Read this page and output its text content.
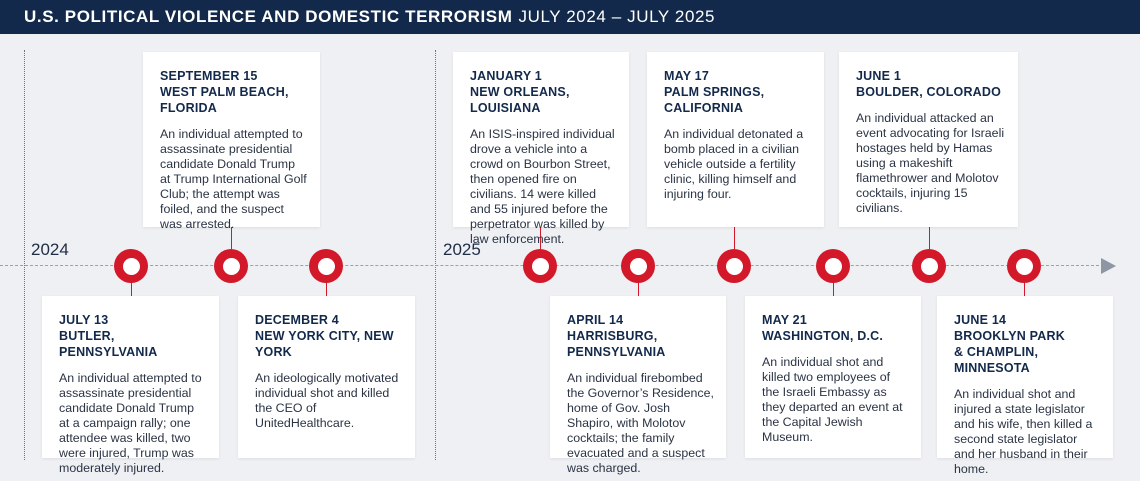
U.S. POLITICAL VIOLENCE AND DOMESTIC TERRORISM JULY 2024 – JULY 2025
2024	2025
SEPTEMBER 15
WEST PALM BEACH, FLORIDA
An individual attempted to assassinate presidential candidate Donald Trump at Trump International Golf Club; the attempt was foiled, and the suspect was arrested.
JANUARY 1
NEW ORLEANS, LOUISIANA
An ISIS-inspired individual drove a vehicle into a crowd on Bourbon Street, then opened fire on civilians. 14 were killed and 55 injured before the perpetrator was killed by law enforcement.
MAY 17
PALM SPRINGS, CALIFORNIA
An individual detonated a bomb placed in a civilian vehicle outside a fertility clinic, killing himself and injuring four.
JUNE 1
BOULDER, COLORADO
An individual attacked an event advocating for Israeli hostages held by Hamas using a makeshift flamethrower and Molotov cocktails, injuring 15 civilians.
JULY 13
BUTLER, PENNSYLVANIA
An individual attempted to assassinate presidential candidate Donald Trump at a campaign rally; one attendee was killed, two were injured, Trump was moderately injured.
DECEMBER 4
NEW YORK CITY, NEW YORK
An ideologically motivated individual shot and killed the CEO of UnitedHealthcare.
APRIL 14
HARRISBURG, PENNSYLVANIA
An individual firebombed the Governor’s Residence, home of Gov. Josh Shapiro, with Molotov cocktails; the family evacuated and a suspect was charged.
MAY 21
WASHINGTON, D.C.
An individual shot and killed two employees of the Israeli Embassy as they departed an event at the Capital Jewish Museum.
JUNE 14
BROOKLYN PARK
& CHAMPLIN, MINNESOTA
An individual shot and injured a state legislator and his wife, then killed a second state legislator and her husband in their home.
